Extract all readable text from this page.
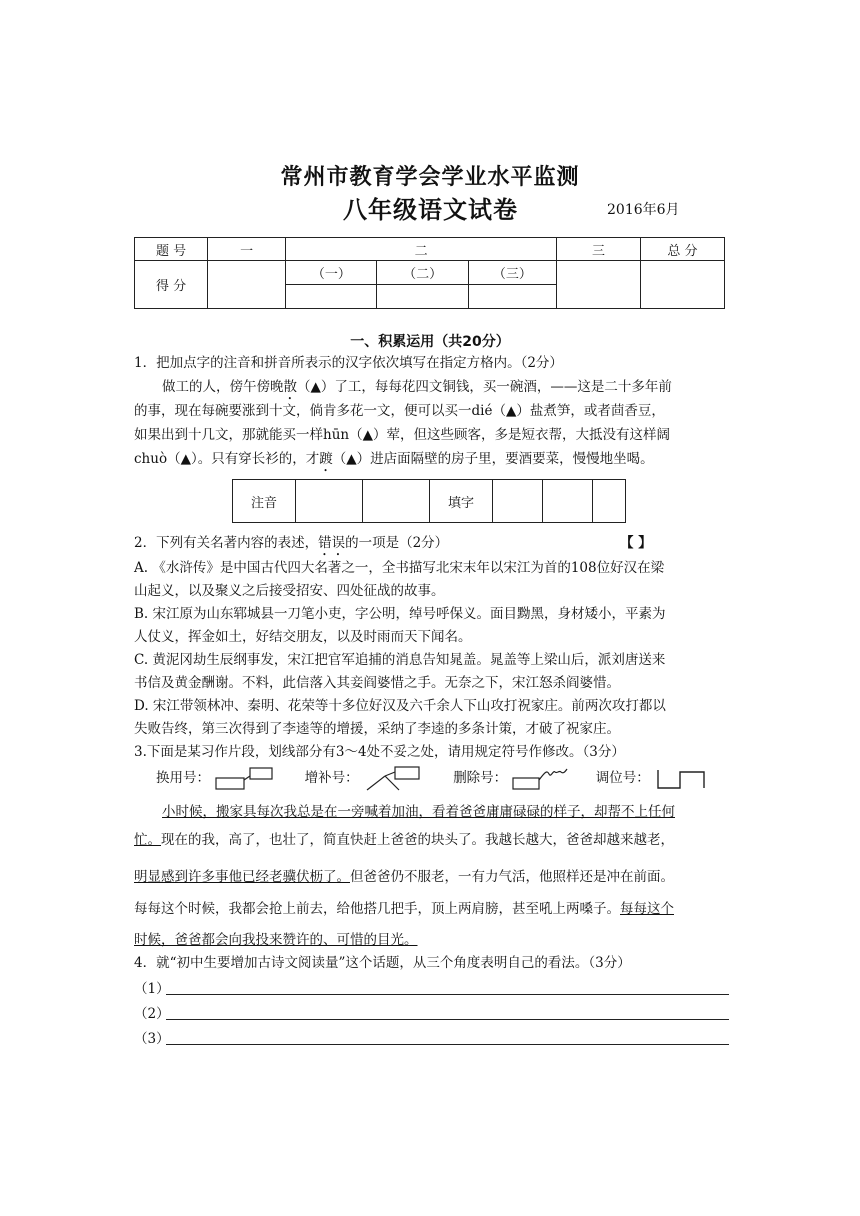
常州市教育学会学业水平监测
八年级语文试卷	2016年6月
题 号	一	二			三	总 分
得 分		（一）	（二）	（三）		

一、积累运用（共20分）
1．把加点字的注音和拼音所表示的汉字依次填写在指定方格内。（2分）
做工的人，傍午傍晚散（▲）了工，每每花四文铜钱，买一碗酒，——这是二十多年前
的事，现在每碗要涨到十文，倘肯多花一文，便可以买一dié（▲）盐煮笋，或者茴香豆，
如果出到十几文，那就能买一样hūn（▲）荤，但这些顾客，多是短衣帮，大抵没有这样阔
chuò（▲）。只有穿长衫的，才踱（▲）进店面隔壁的房子里，要酒要菜，慢慢地坐喝。
注音			填字			
2．下列有关名著内容的表述，错误的一项是（2分）	【 】
A. 《水浒传》是中国古代四大名著之一，全书描写北宋末年以宋江为首的108位好汉在梁
山起义，以及聚义之后接受招安、四处征战的故事。
B. 宋江原为山东郓城县一刀笔小吏，字公明，绰号呼保义。面目黝黑，身材矮小，平素为
人仗义，挥金如土，好结交朋友，以及时雨而天下闻名。
C. 黄泥冈劫生辰纲事发，宋江把官军追捕的消息告知晁盖。晁盖等上梁山后，派刘唐送来
书信及黄金酬谢。不料，此信落入其妾阎婆惜之手。无奈之下，宋江怒杀阎婆惜。
D. 宋江带领林冲、秦明、花荣等十多位好汉及六千余人下山攻打祝家庄。前两次攻打都以
失败告终，第三次得到了李逵等的增援，采纳了李逵的多条计策，才破了祝家庄。
3.下面是某习作片段，划线部分有3～4处不妥之处，请用规定符号作修改。（3分）
换用号：	增补号：	删除号：	调位号：
小时候，搬家具每次我总是在一旁喊着加油，看着爸爸庸庸碌碌的样子，却帮不上任何
忙。现在的我，高了，也壮了，简直快赶上爸爸的块头了。我越长越大，爸爸却越来越老，
明显感到许多事他已经老骥伏枥了。但爸爸仍不服老，一有力气活，他照样还是冲在前面。
每每这个时候，我都会抢上前去，给他搭几把手，顶上两肩膀，甚至吼上两嗓子。每每这个
时候，爸爸都会向我投来赞许的、可惜的目光。
4．就“初中生要增加古诗文阅读量”这个话题，从三个角度表明自己的看法。（3分）
（1）
（2）
（3）
